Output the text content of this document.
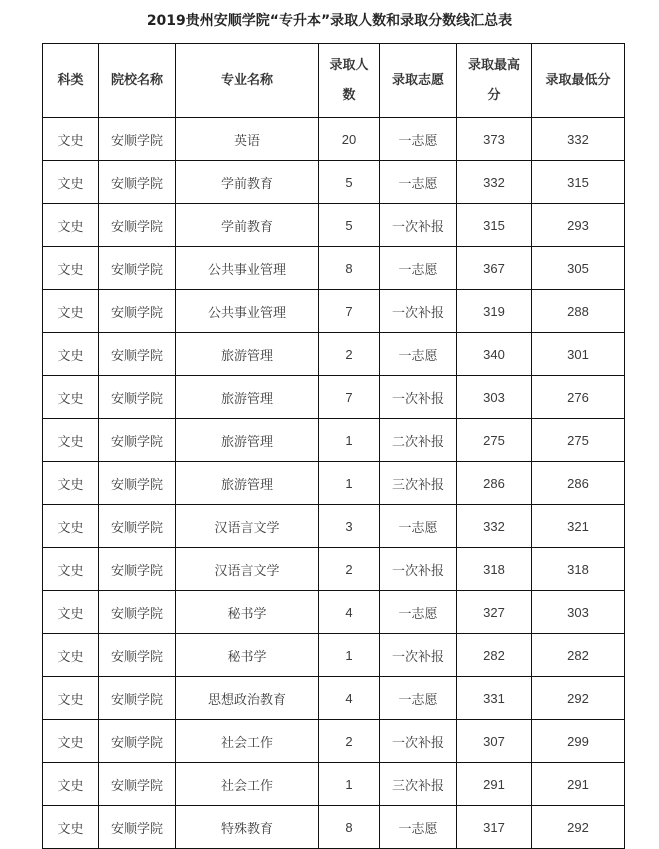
2019贵州安顺学院“专升本”录取人数和录取分数线汇总表
科类	院校名称	专业名称	录取人数	录取志愿	录取最高分	录取最低分
文史	安顺学院	英语	20	一志愿	373	332
文史	安顺学院	学前教育	5	一志愿	332	315
文史	安顺学院	学前教育	5	一次补报	315	293
文史	安顺学院	公共事业管理	8	一志愿	367	305
文史	安顺学院	公共事业管理	7	一次补报	319	288
文史	安顺学院	旅游管理	2	一志愿	340	301
文史	安顺学院	旅游管理	7	一次补报	303	276
文史	安顺学院	旅游管理	1	二次补报	275	275
文史	安顺学院	旅游管理	1	三次补报	286	286
文史	安顺学院	汉语言文学	3	一志愿	332	321
文史	安顺学院	汉语言文学	2	一次补报	318	318
文史	安顺学院	秘书学	4	一志愿	327	303
文史	安顺学院	秘书学	1	一次补报	282	282
文史	安顺学院	思想政治教育	4	一志愿	331	292
文史	安顺学院	社会工作	2	一次补报	307	299
文史	安顺学院	社会工作	1	三次补报	291	291
文史	安顺学院	特殊教育	8	一志愿	317	292
